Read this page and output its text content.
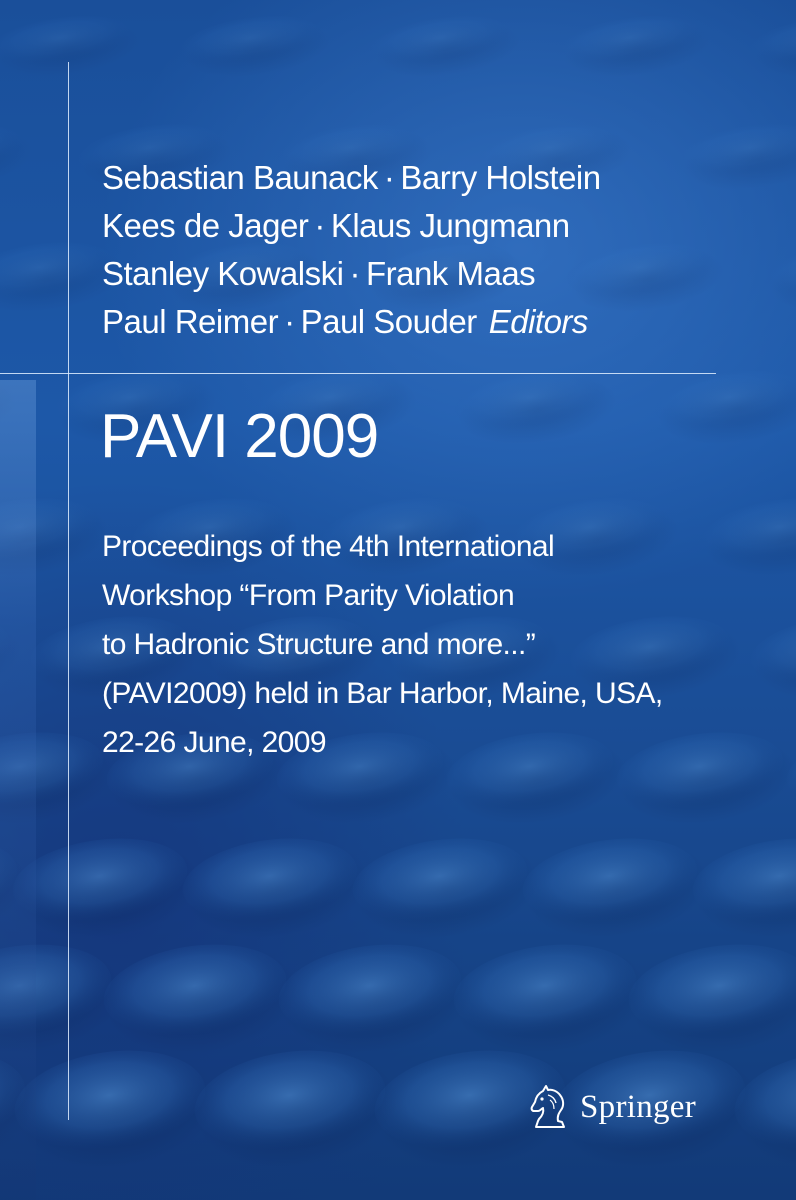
Sebastian Baunack · Barry Holstein
Kees de Jager · Klaus Jungmann
Stanley Kowalski · Frank Maas
Paul Reimer · Paul Souder Editors
PAVI 2009
Proceedings of the 4th International
Workshop “From Parity Violation
to Hadronic Structure and more...”
(PAVI2009) held in Bar Harbor, Maine, USA,
22-26 June, 2009
Springer
